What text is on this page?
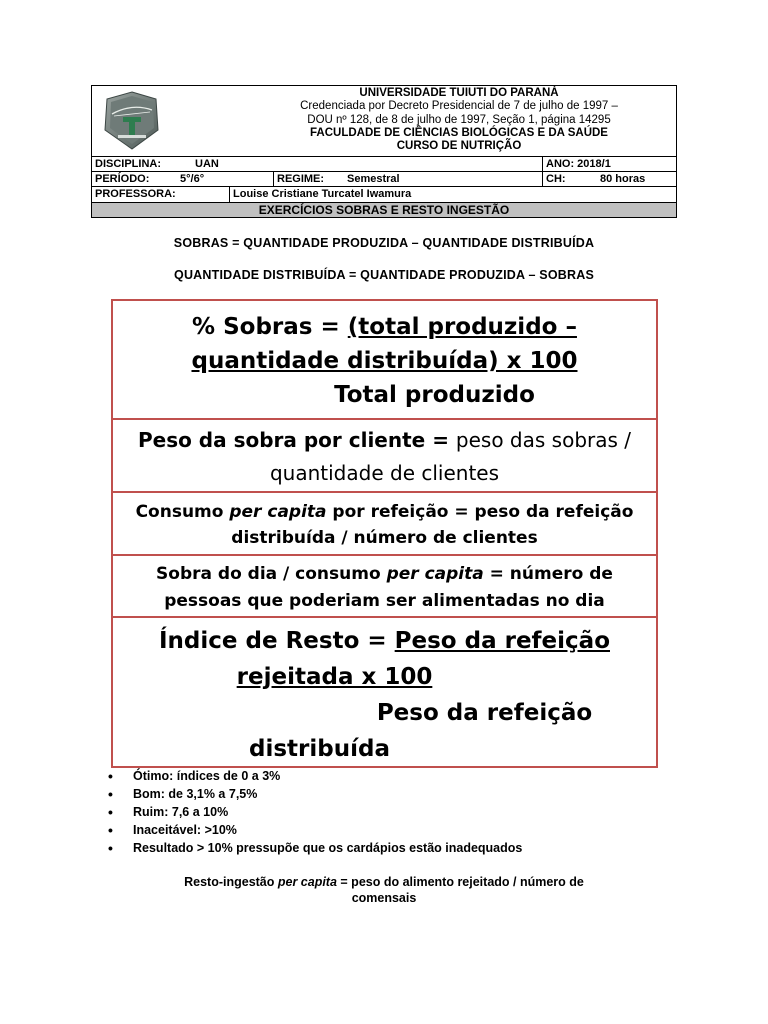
UNIVERSIDADE TUIUTI DO PARANÁ
Credenciada por Decreto Presidencial de 7 de julho de 1997 –
DOU nº 128, de 8 de julho de 1997, Seção 1, página 14295
FACULDADE DE CIÊNCIAS BIOLÓGICAS E DA SAÚDE
CURSO DE NUTRIÇÃO
DISCIPLINA:	UAN	ANO: 2018/1
PERÍODO:	5°/6°	REGIME:	Semestral	CH:	80 horas
PROFESSORA:	Louise Cristiane Turcatel Iwamura
EXERCÍCIOS SOBRAS E RESTO INGESTÃO
SOBRAS = QUANTIDADE PRODUZIDA – QUANTIDADE DISTRIBUÍDA
QUANTIDADE DISTRIBUÍDA = QUANTIDADE PRODUZIDA – SOBRAS
% Sobras = (total produzido –
quantidade distribuída) x 100
Total produzido
Peso da sobra por cliente = peso das sobras /
quantidade de clientes
Consumo per capita por refeição = peso da refeição
distribuída / número de clientes
Sobra do dia / consumo per capita = número de
pessoas que poderiam ser alimentadas no dia
Índice de Resto = Peso da refeição
rejeitada x 100
Peso da refeição
distribuída
• Ótimo: índices de 0 a 3%
• Bom: de 3,1% a 7,5%
• Ruim: 7,6 a 10%
• Inaceitável: >10%
• Resultado > 10% pressupõe que os cardápios estão inadequados
Resto-ingestão per capita = peso do alimento rejeitado / número de
comensais
